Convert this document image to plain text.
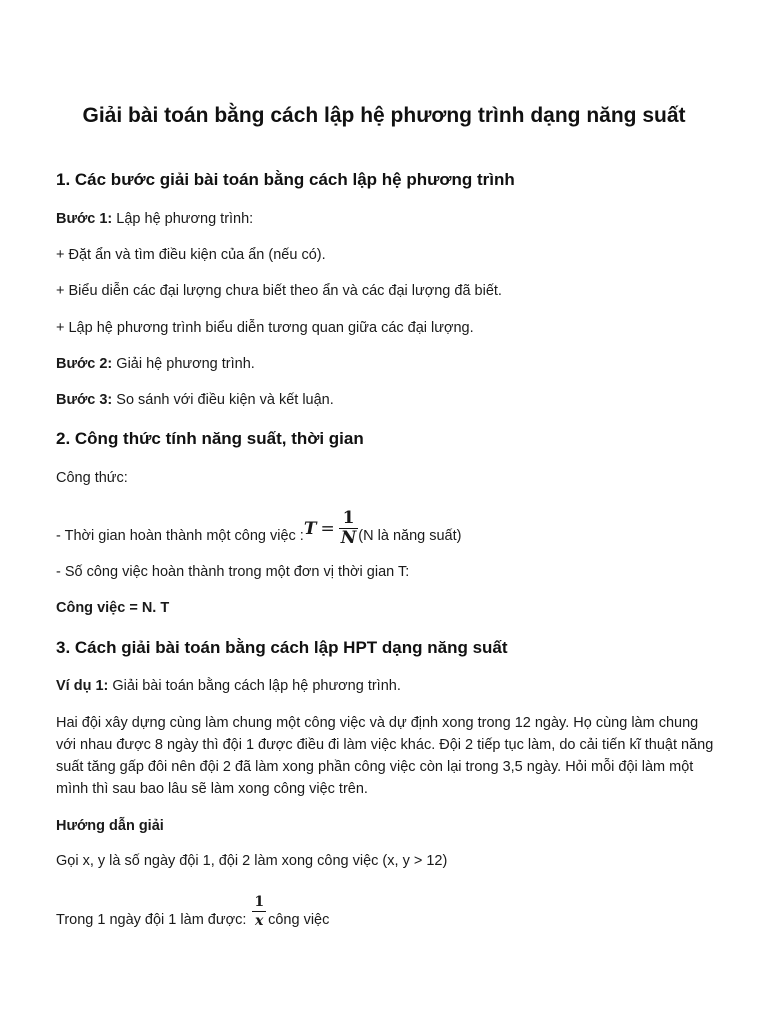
Giải bài toán bằng cách lập hệ phương trình dạng năng suất
1. Các bước giải bài toán bằng cách lập hệ phương trình
Bước 1: Lập hệ phương trình:
+ Đặt ẩn và tìm điều kiện của ẩn (nếu có).
+ Biểu diễn các đại lượng chưa biết theo ẩn và các đại lượng đã biết.
+ Lập hệ phương trình biểu diễn tương quan giữa các đại lượng.
Bước 2: Giải hệ phương trình.
Bước 3: So sánh với điều kiện và kết luận.
2. Công thức tính năng suất, thời gian
Công thức:
- Thời gian hoàn thành một công việc : $T = \frac{1}{N} (N$ là năng suất)
- Số công việc hoàn thành trong một đơn vị thời gian T:
Công việc = N. T
3. Cách giải bài toán bằng cách lập HPT dạng năng suất
Ví dụ 1: Giải bài toán bằng cách lập hệ phương trình.
Hai đội xây dựng cùng làm chung một công việc và dự định xong trong 12 ngày. Họ cùng làm chung với nhau được 8 ngày thì đội 1 được điều đi làm việc khác. Đội 2 tiếp tục làm, do cải tiến kĩ thuật năng suất tăng gấp đôi nên đội 2 đã làm xong phần công việc còn lại trong 3,5 ngày. Hỏi mỗi đội làm một mình thì sau bao lâu sẽ làm xong công việc trên.
Hướng dẫn giải
Gọi x, y là số ngày đội 1, đội 2 làm xong công việc (x, y > 12)
Trong 1 ngày đội 1 làm được: $\frac{1}{x}$ công việc
